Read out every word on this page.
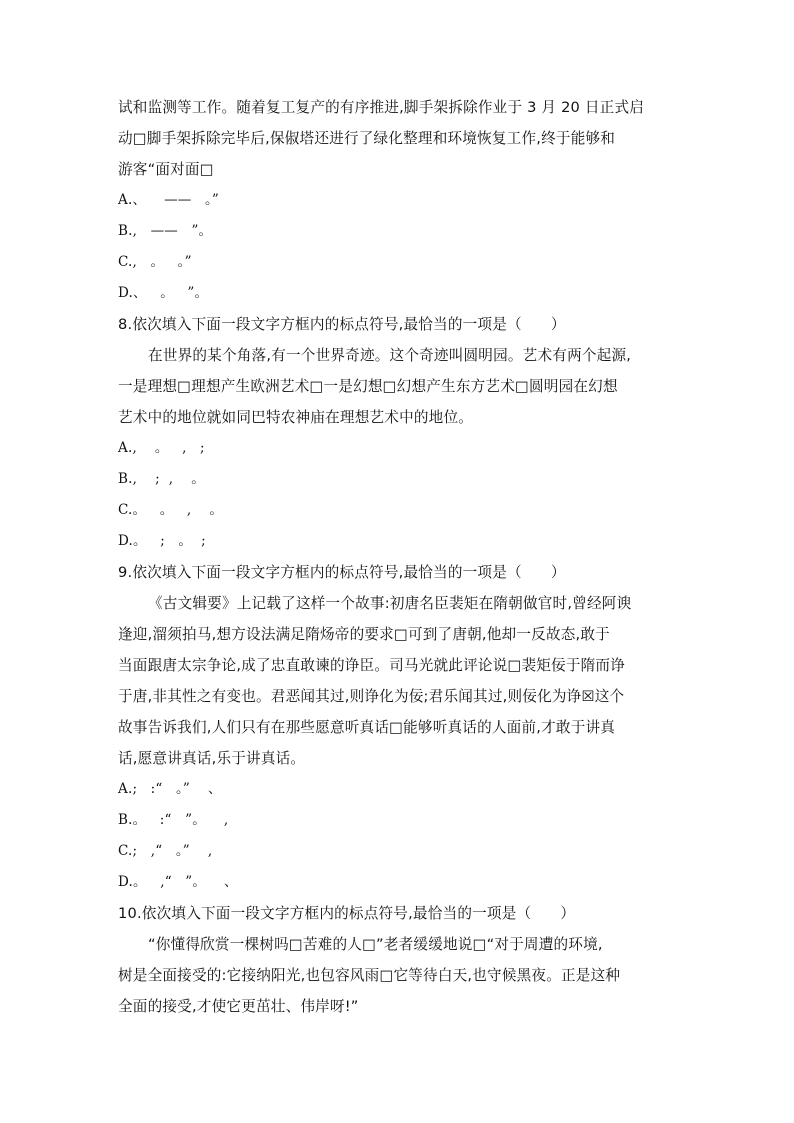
试和监测等工作。随着复工复产的有序推进,脚手架拆除作业于 3 月 20 日正式启
动□脚手架拆除完毕后,保俶塔还进行了绿化整理和环境恢复工作,终于能够和
游客“面对面□
A.、    ——   。”
B.,   ——   ”。
C.,   。   。”
D.、   。   ”。
8.依次填入下面一段文字方框内的标点符号,最恰当的一项是（      ）
在世界的某个角落,有一个世界奇迹。这个奇迹叫圆明园。艺术有两个起源,
一是理想□理想产生欧洲艺术□一是幻想□幻想产生东方艺术□圆明园在幻想
艺术中的地位就如同巴特农神庙在理想艺术中的地位。
A.,    。   ,   ;
B.,    ;  ,    。
C.。   。   ,    。
D.。   ;   。  ;
9.依次填入下面一段文字方框内的标点符号,最恰当的一项是（      ）
《古文辑要》上记载了这样一个故事:初唐名臣裴矩在隋朝做官时,曾经阿谀
逢迎,溜须拍马,想方设法满足隋炀帝的要求□可到了唐朝,他却一反故态,敢于
当面跟唐太宗争论,成了忠直敢谏的诤臣。司马光就此评论说□裴矩佞于隋而诤
于唐,非其性之有变也。君恶闻其过,则诤化为佞;君乐闻其过,则佞化为诤☒这个
故事告诉我们,人们只有在那些愿意听真话□能够听真话的人面前,才敢于讲真
话,愿意讲真话,乐于讲真话。
A.;   :“   。”    、
B.。   :“   ”。    ,
C.;   ,“   。”    ,
D.。   ,“   ”。    、
10.依次填入下面一段文字方框内的标点符号,最恰当的一项是（      ）
“你懂得欣赏一棵树吗□苦难的人□”老者缓缓地说□“对于周遭的环境,
树是全面接受的:它接纳阳光,也包容风雨□它等待白天,也守候黑夜。正是这种
全面的接受,才使它更茁壮、伟岸呀!”
